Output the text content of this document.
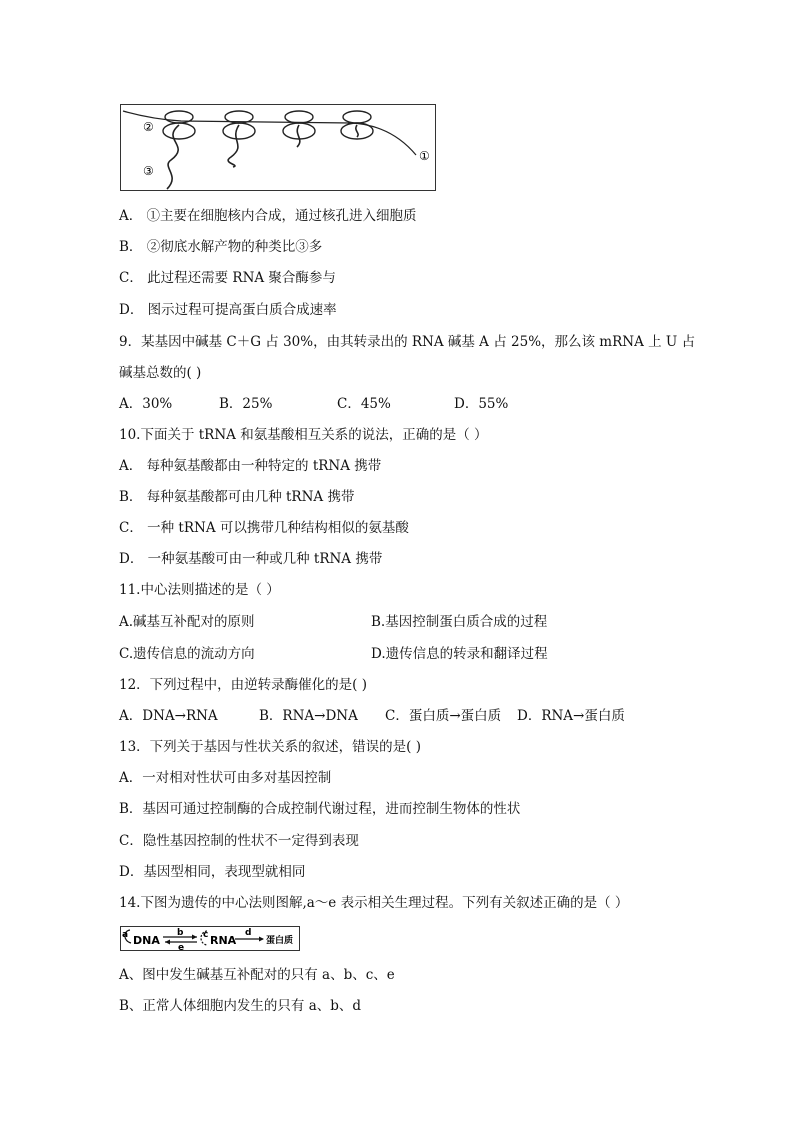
②
③
①
A． ①主要在细胞核内合成，通过核孔进入细胞质
B． ②彻底水解产物的种类比③多
C． 此过程还需要 RNA 聚合酶参与
D． 图示过程可提高蛋白质合成速率
9．某基因中碱基 C＋G 占 30%，由其转录出的 RNA 碱基 A 占 25%，那么该 mRNA 上 U 占
碱基总数的( )
A．30%	B．25%	C．45%	D．55%
10.下面关于 tRNA 和氨基酸相互关系的说法，正确的是（ ）
A． 每种氨基酸都由一种特定的 tRNA 携带
B． 每种氨基酸都可由几种 tRNA 携带
C． 一种 tRNA 可以携带几种结构相似的氨基酸
D． 一种氨基酸可由一种或几种 tRNA 携带
11.中心法则描述的是（ ）
A.碱基互补配对的原则	B.基因控制蛋白质合成的过程
C.遗传信息的流动方向	D.遗传信息的转录和翻译过程
12．下列过程中，由逆转录酶催化的是( )
A．DNA→RNA	B．RNA→DNA C．蛋白质→蛋白质 D．RNA→蛋白质
13．下列关于基因与性状关系的叙述，错误的是( )
A．一对相对性状可由多对基因控制
B．基因可通过控制酶的合成控制代谢过程，进而控制生物体的性状
C．隐性基因控制的性状不一定得到表现
D．基因型相同，表现型就相同
14.下图为遗传的中心法则图解,a～e 表示相关生理过程。下列有关叙述正确的是（ ）
a DNA
b
e
c RNA
d
蛋白质
A、图中发生碱基互补配对的只有 a、b、c、e
B、正常人体细胞内发生的只有 a、b、d
